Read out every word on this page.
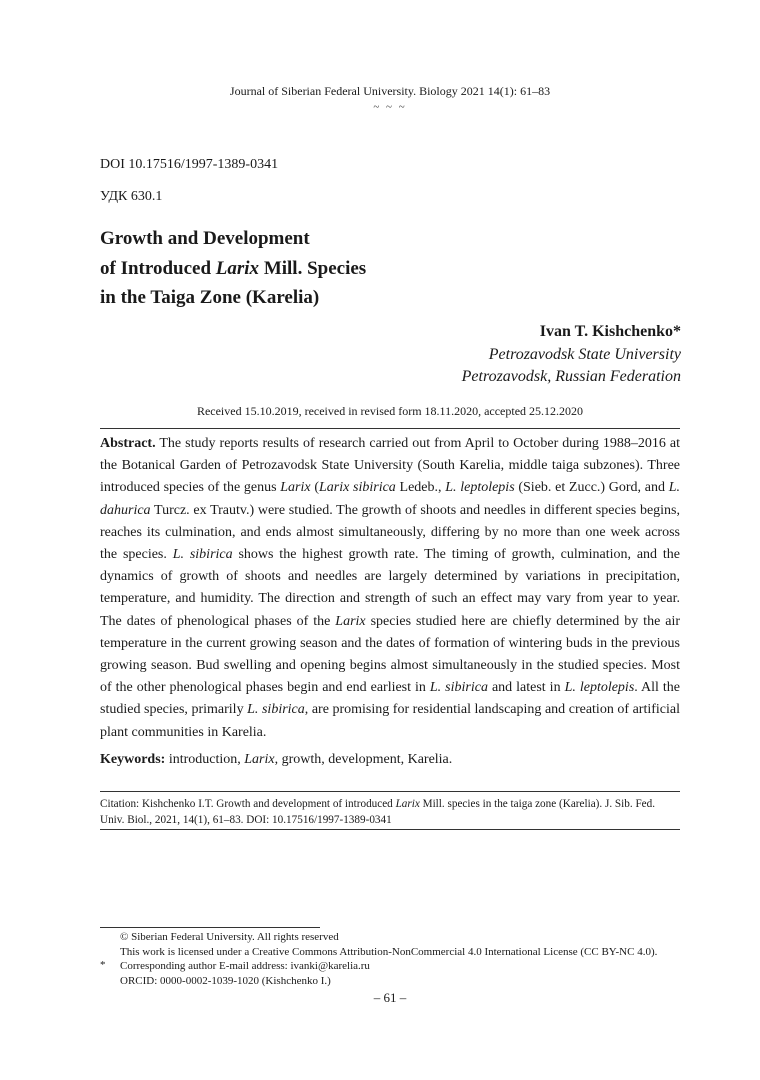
Journal of Siberian Federal University. Biology 2021 14(1): 61–83
~ ~ ~
DOI 10.17516/1997-1389-0341
УДК 630.1
Growth and Development
of Introduced Larix Mill. Species
in the Taiga Zone (Karelia)
Ivan T. Kishchenko*
Petrozavodsk State University
Petrozavodsk, Russian Federation
Received 15.10.2019, received in revised form 18.11.2020, accepted 25.12.2020
Abstract. The study reports results of research carried out from April to October during 1988–2016 at the Botanical Garden of Petrozavodsk State University (South Karelia, middle taiga subzones). Three introduced species of the genus Larix (Larix sibirica Ledeb., L. leptolepis (Sieb. et Zucc.) Gord, and L. dahurica Turcz. ex Trautv.) were studied. The growth of shoots and needles in different species begins, reaches its culmination, and ends almost simultaneously, differing by no more than one week across the species. L. sibirica shows the highest growth rate. The timing of growth, culmination, and the dynamics of growth of shoots and needles are largely determined by variations in precipitation, temperature, and humidity. The direction and strength of such an effect may vary from year to year. The dates of phenological phases of the Larix species studied here are chiefly determined by the air temperature in the current growing season and the dates of formation of wintering buds in the previous growing season. Bud swelling and opening begins almost simultaneously in the studied species. Most of the other phenological phases begin and end earliest in L. sibirica and latest in L. leptolepis. All the studied species, primarily L. sibirica, are promising for residential landscaping and creation of artificial plant communities in Karelia.
Keywords: introduction, Larix, growth, development, Karelia.
Citation: Kishchenko I.T. Growth and development of introduced Larix Mill. species in the taiga zone (Karelia). J. Sib. Fed. Univ. Biol., 2021, 14(1), 61–83. DOI: 10.17516/1997-1389-0341
© Siberian Federal University. All rights reserved
This work is licensed under a Creative Commons Attribution-NonCommercial 4.0 International License (CC BY-NC 4.0).
Corresponding author E-mail address: ivanki@karelia.ru
ORCID: 0000-0002-1039-1020 (Kishchenko I.)
*
– 61 –
